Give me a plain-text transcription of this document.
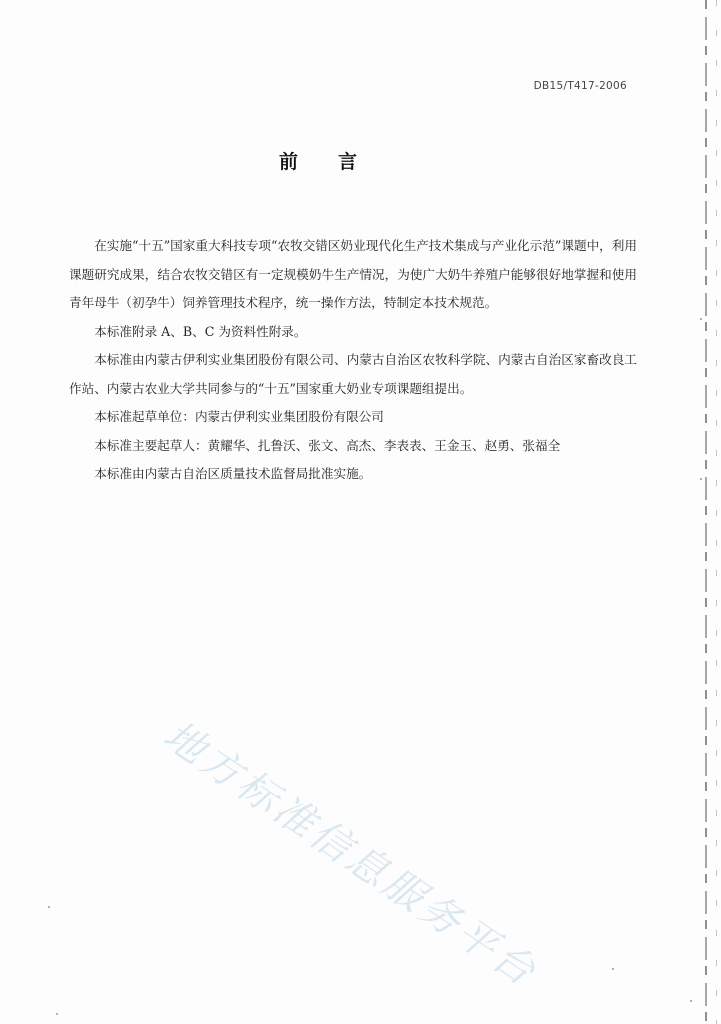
DB15/T417-2006
前言

在实施“十五”国家重大科技专项“农牧交错区奶业现代化生产技术集成与产业化示范”课题中，利用课题研究成果，结合农牧交错区有一定规模奶牛生产情况，为使广大奶牛养殖户能够很好地掌握和使用青年母牛（初孕牛）饲养管理技术程序，统一操作方法，特制定本技术规范。

本标准附录 A、B、C 为资料性附录。

本标准由内蒙古伊利实业集团股份有限公司、内蒙古自治区农牧科学院、内蒙古自治区家畜改良工作站、内蒙古农业大学共同参与的“十五”国家重大奶业专项课题组提出。

本标准起草单位：内蒙古伊利实业集团股份有限公司

本标准主要起草人：黄耀华、扎鲁沃、张文、高杰、李表表、王金玉、赵勇、张福全

本标准由内蒙古自治区质量技术监督局批准实施。

地方标准信息服务平台
